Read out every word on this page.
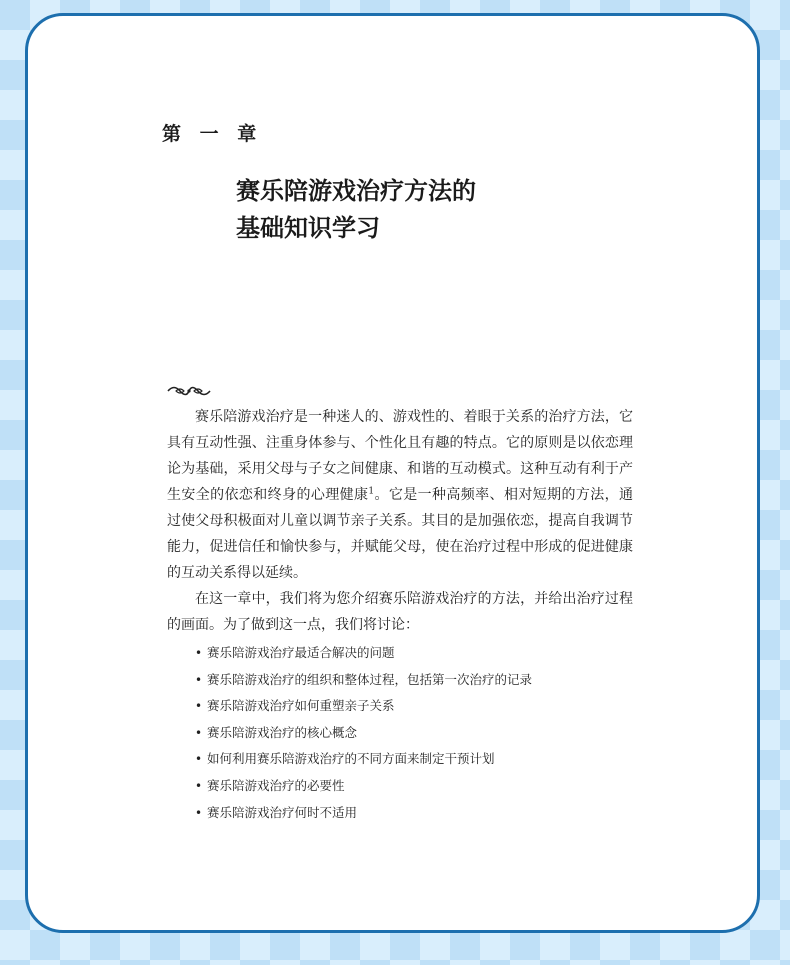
第 一 章
赛乐陪游戏治疗方法的
基础知识学习

赛乐陪游戏治疗是一种迷人的、游戏性的、着眼于关系的治疗方法，它具有互动性强、注重身体参与、个性化且有趣的特点。它的原则是以依恋理论为基础，采用父母与子女之间健康、和谐的互动模式。这种互动有利于产生安全的依恋和终身的心理健康$^1$。它是一种高频率、相对短期的方法，通过使父母积极面对儿童以调节亲子关系。其目的是加强依恋，提高自我调节能力，促进信任和愉快参与，并赋能父母，使在治疗过程中形成的促进健康的互动关系得以延续。

在这一章中，我们将为您介绍赛乐陪游戏治疗的方法，并给出治疗过程的画面。为了做到这一点，我们将讨论：

• 赛乐陪游戏治疗最适合解决的问题
• 赛乐陪游戏治疗的组织和整体过程，包括第一次治疗的记录
• 赛乐陪游戏治疗如何重塑亲子关系
• 赛乐陪游戏治疗的核心概念
• 如何利用赛乐陪游戏治疗的不同方面来制定干预计划
• 赛乐陪游戏治疗的必要性
• 赛乐陪游戏治疗何时不适用
